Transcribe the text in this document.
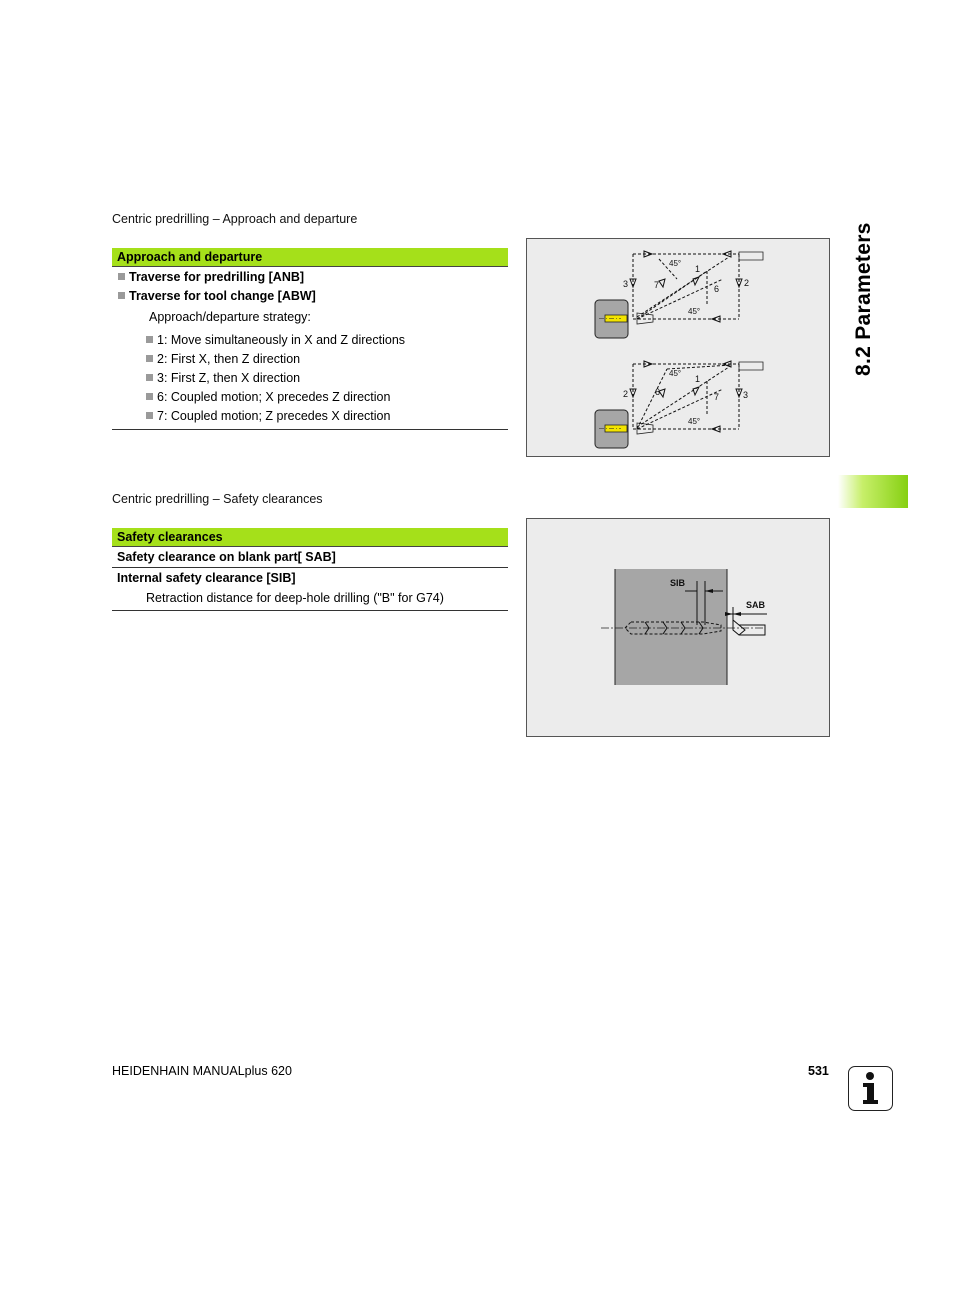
Centric predrilling – Approach and departure
Approach and departure
Traverse for predrilling [ANB]
Traverse for tool change [ABW]
Approach/departure strategy:
1: Move simultaneously in X and Z directions
2: First X, then Z direction
3: First Z, then X direction
6: Coupled motion; X precedes Z direction
7: Coupled motion; Z precedes X direction
3	7
1
6
2
45°
45°
2	6
1
7	3
45°
45°
Centric predrilling – Safety clearances
Safety clearances
Safety clearance on blank part[ SAB]
Internal safety clearance [SIB]
Retraction distance for deep-hole drilling ("B" for G74)
SIB
SAB
8.2 Parameters
HEIDENHAIN MANUALplus 620	531
